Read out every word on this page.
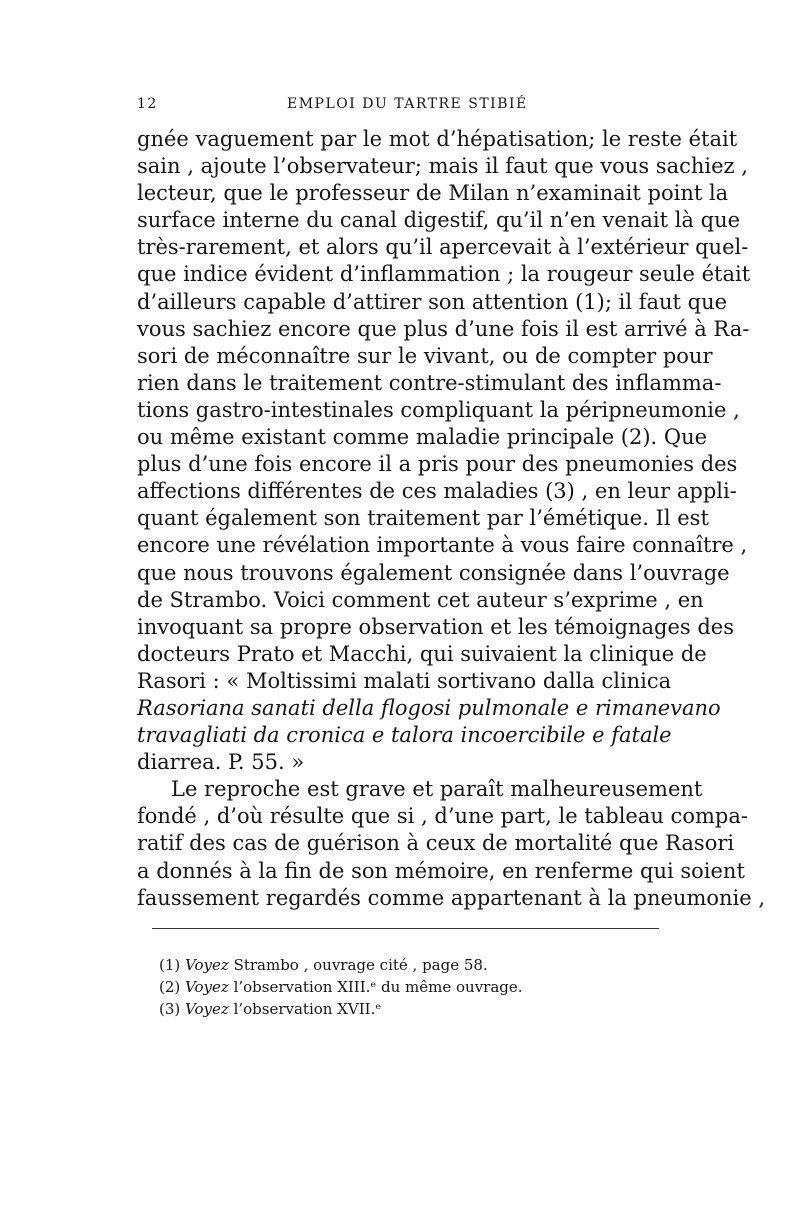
12	EMPLOI DU TARTRE STIBIÉ
gnée vaguement par le mot d’hépatisation; le reste était
sain , ajoute l’observateur; mais il faut que vous sachiez ,
lecteur, que le professeur de Milan n’examinait point la
surface interne du canal digestif, qu’il n’en venait là que
très-rarement, et alors qu’il apercevait à l’extérieur quel-
que indice évident d’inflammation ; la rougeur seule était
d’ailleurs capable d’attirer son attention (1); il faut que
vous sachiez encore que plus d’une fois il est arrivé à Ra-
sori de méconnaître sur le vivant, ou de compter pour
rien dans le traitement contre-stimulant des inflamma-
tions gastro-intestinales compliquant la péripneumonie ,
ou même existant comme maladie principale (2). Que
plus d’une fois encore il a pris pour des pneumonies des
affections différentes de ces maladies (3) , en leur appli-
quant également son traitement par l’émétique. Il est
encore une révélation importante à vous faire connaître ,
que nous trouvons également consignée dans l’ouvrage
de Strambo. Voici comment cet auteur s’exprime , en
invoquant sa propre observation et les témoignages des
docteurs Prato et Macchi, qui suivaient la clinique de
Rasori : « Moltissimi malati sortivano dalla clinica
Rasoriana sanati della flogosi pulmonale e rimanevano
travagliati da cronica e talora incoercibile e fatale
diarrea. P. 55. »
Le reproche est grave et paraît malheureusement
fondé , d’où résulte que si , d’une part, le tableau compa-
ratif des cas de guérison à ceux de mortalité que Rasori
a donnés à la fin de son mémoire, en renferme qui soient
faussement regardés comme appartenant à la pneumonie ,
(1) Voyez Strambo , ouvrage cité , page 58.
(2) Voyez l’observation XIII.ᵉ du même ouvrage.
(3) Voyez l’observation XVII.ᵉ
